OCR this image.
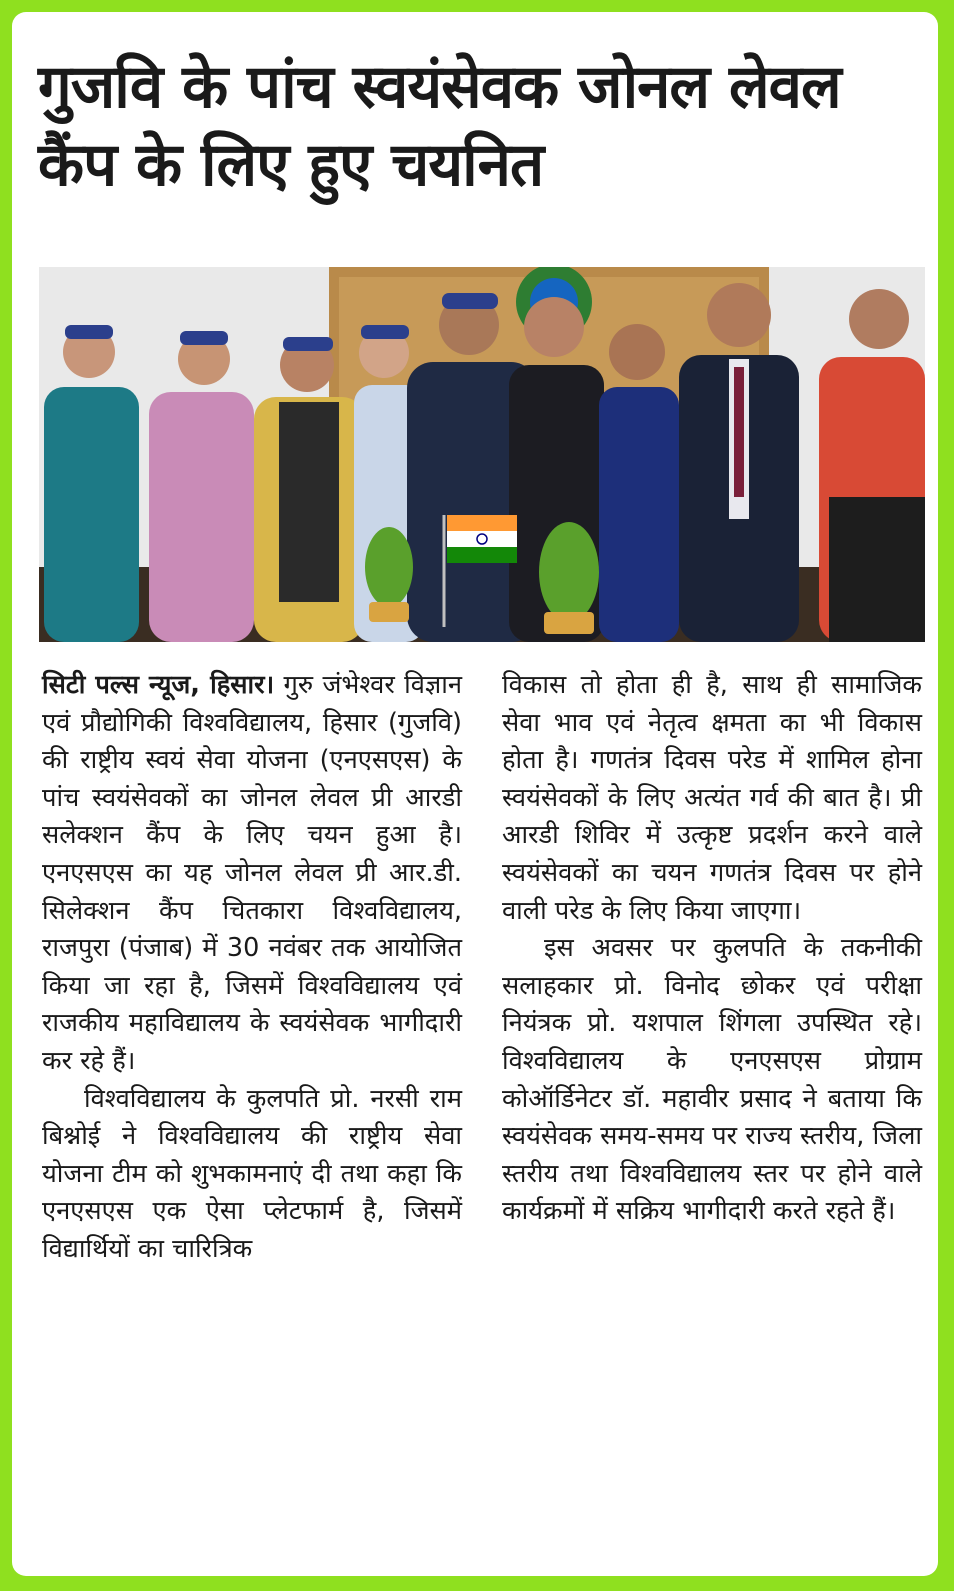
गुजवि के पांच स्वयंसेवक जोनल लेवल कैंप के लिए हुए चयनित

सिटी पल्स न्यूज, हिसार। गुरु जंभेश्वर विज्ञान एवं प्रौद्योगिकी विश्वविद्यालय, हिसार (गुजवि) की राष्ट्रीय स्वयं सेवा योजना (एनएसएस) के पांच स्वयंसेवकों का जोनल लेवल प्री आरडी सलेक्शन कैंप के लिए चयन हुआ है। एनएसएस का यह जोनल लेवल प्री आर.डी. सिलेक्शन कैंप चितकारा विश्वविद्यालय, राजपुरा (पंजाब) में 30 नवंबर तक आयोजित किया जा रहा है, जिसमें विश्वविद्यालय एवं राजकीय महाविद्यालय के स्वयंसेवक भागीदारी कर रहे हैं।

विश्वविद्यालय के कुलपति प्रो. नरसी राम बिश्नोई ने विश्वविद्यालय की राष्ट्रीय सेवा योजना टीम को शुभकामनाएं दी तथा कहा कि एनएसएस एक ऐसा प्लेटफार्म है, जिसमें विद्यार्थियों का चारित्रिक

विकास तो होता ही है, साथ ही सामाजिक सेवा भाव एवं नेतृत्व क्षमता का भी विकास होता है। गणतंत्र दिवस परेड में शामिल होना स्वयंसेवकों के लिए अत्यंत गर्व की बात है। प्री आरडी शिविर में उत्कृष्ट प्रदर्शन करने वाले स्वयंसेवकों का चयन गणतंत्र दिवस पर होने वाली परेड के लिए किया जाएगा।

इस अवसर पर कुलपति के तकनीकी सलाहकार प्रो. विनोद छोकर एवं परीक्षा नियंत्रक प्रो. यशपाल शिंगला उपस्थित रहे। विश्वविद्यालय के एनएसएस प्रोग्राम कोऑर्डिनेटर डॉ. महावीर प्रसाद ने बताया कि स्वयंसेवक समय-समय पर राज्य स्तरीय, जिला स्तरीय तथा विश्वविद्यालय स्तर पर होने वाले कार्यक्रमों में सक्रिय भागीदारी करते रहते हैं।
